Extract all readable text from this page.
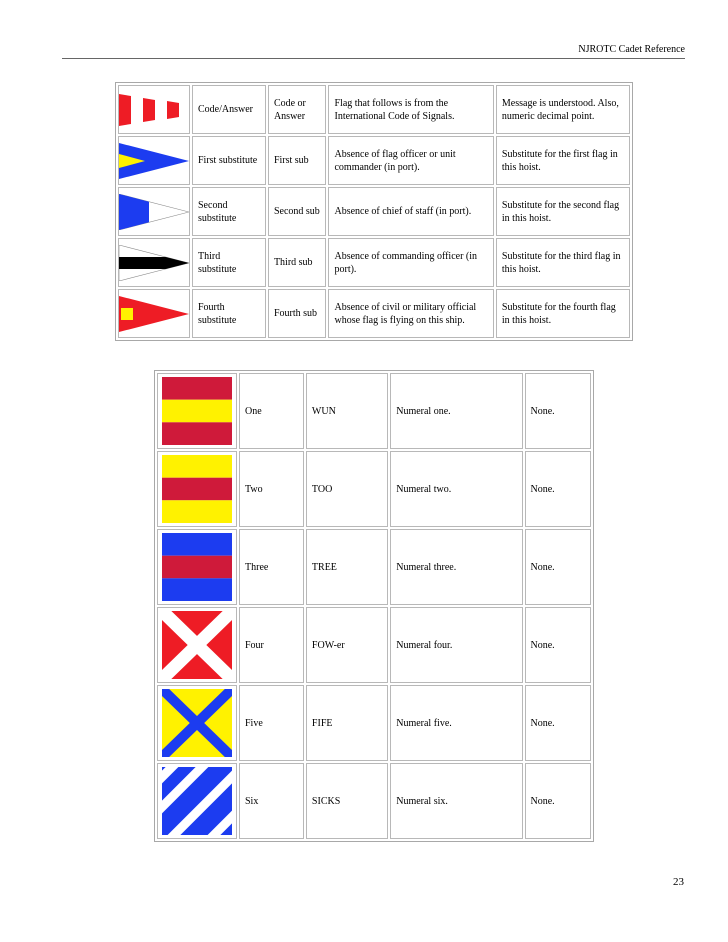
NJROTC Cadet Reference
	Code/Answer	Code or Answer	Flag that follows is from the International Code of Signals.	Message is understood. Also, numeric decimal point.

	First substitute	First sub	Absence of flag officer or unit commander (in port).	Substitute for the first flag in this hoist.

	Second substitute	Second sub	Absence of chief of staff (in port).	Substitute for the second flag in this hoist.

	Third substitute	Third sub	Absence of commanding officer (in port).	Substitute for the third flag in this hoist.

	Fourth substitute	Fourth sub	Absence of civil or military official whose flag is flying on this ship.	Substitute for the fourth flag in this hoist.
	One	WUN	Numeral one.	None.

	Two	TOO	Numeral two.	None.

	Three	TREE	Numeral three.	None.

	Four	FOW-er	Numeral four.	None.

	Five	FIFE	Numeral five.	None.

	Six	SICKS	Numeral six.	None.
23
